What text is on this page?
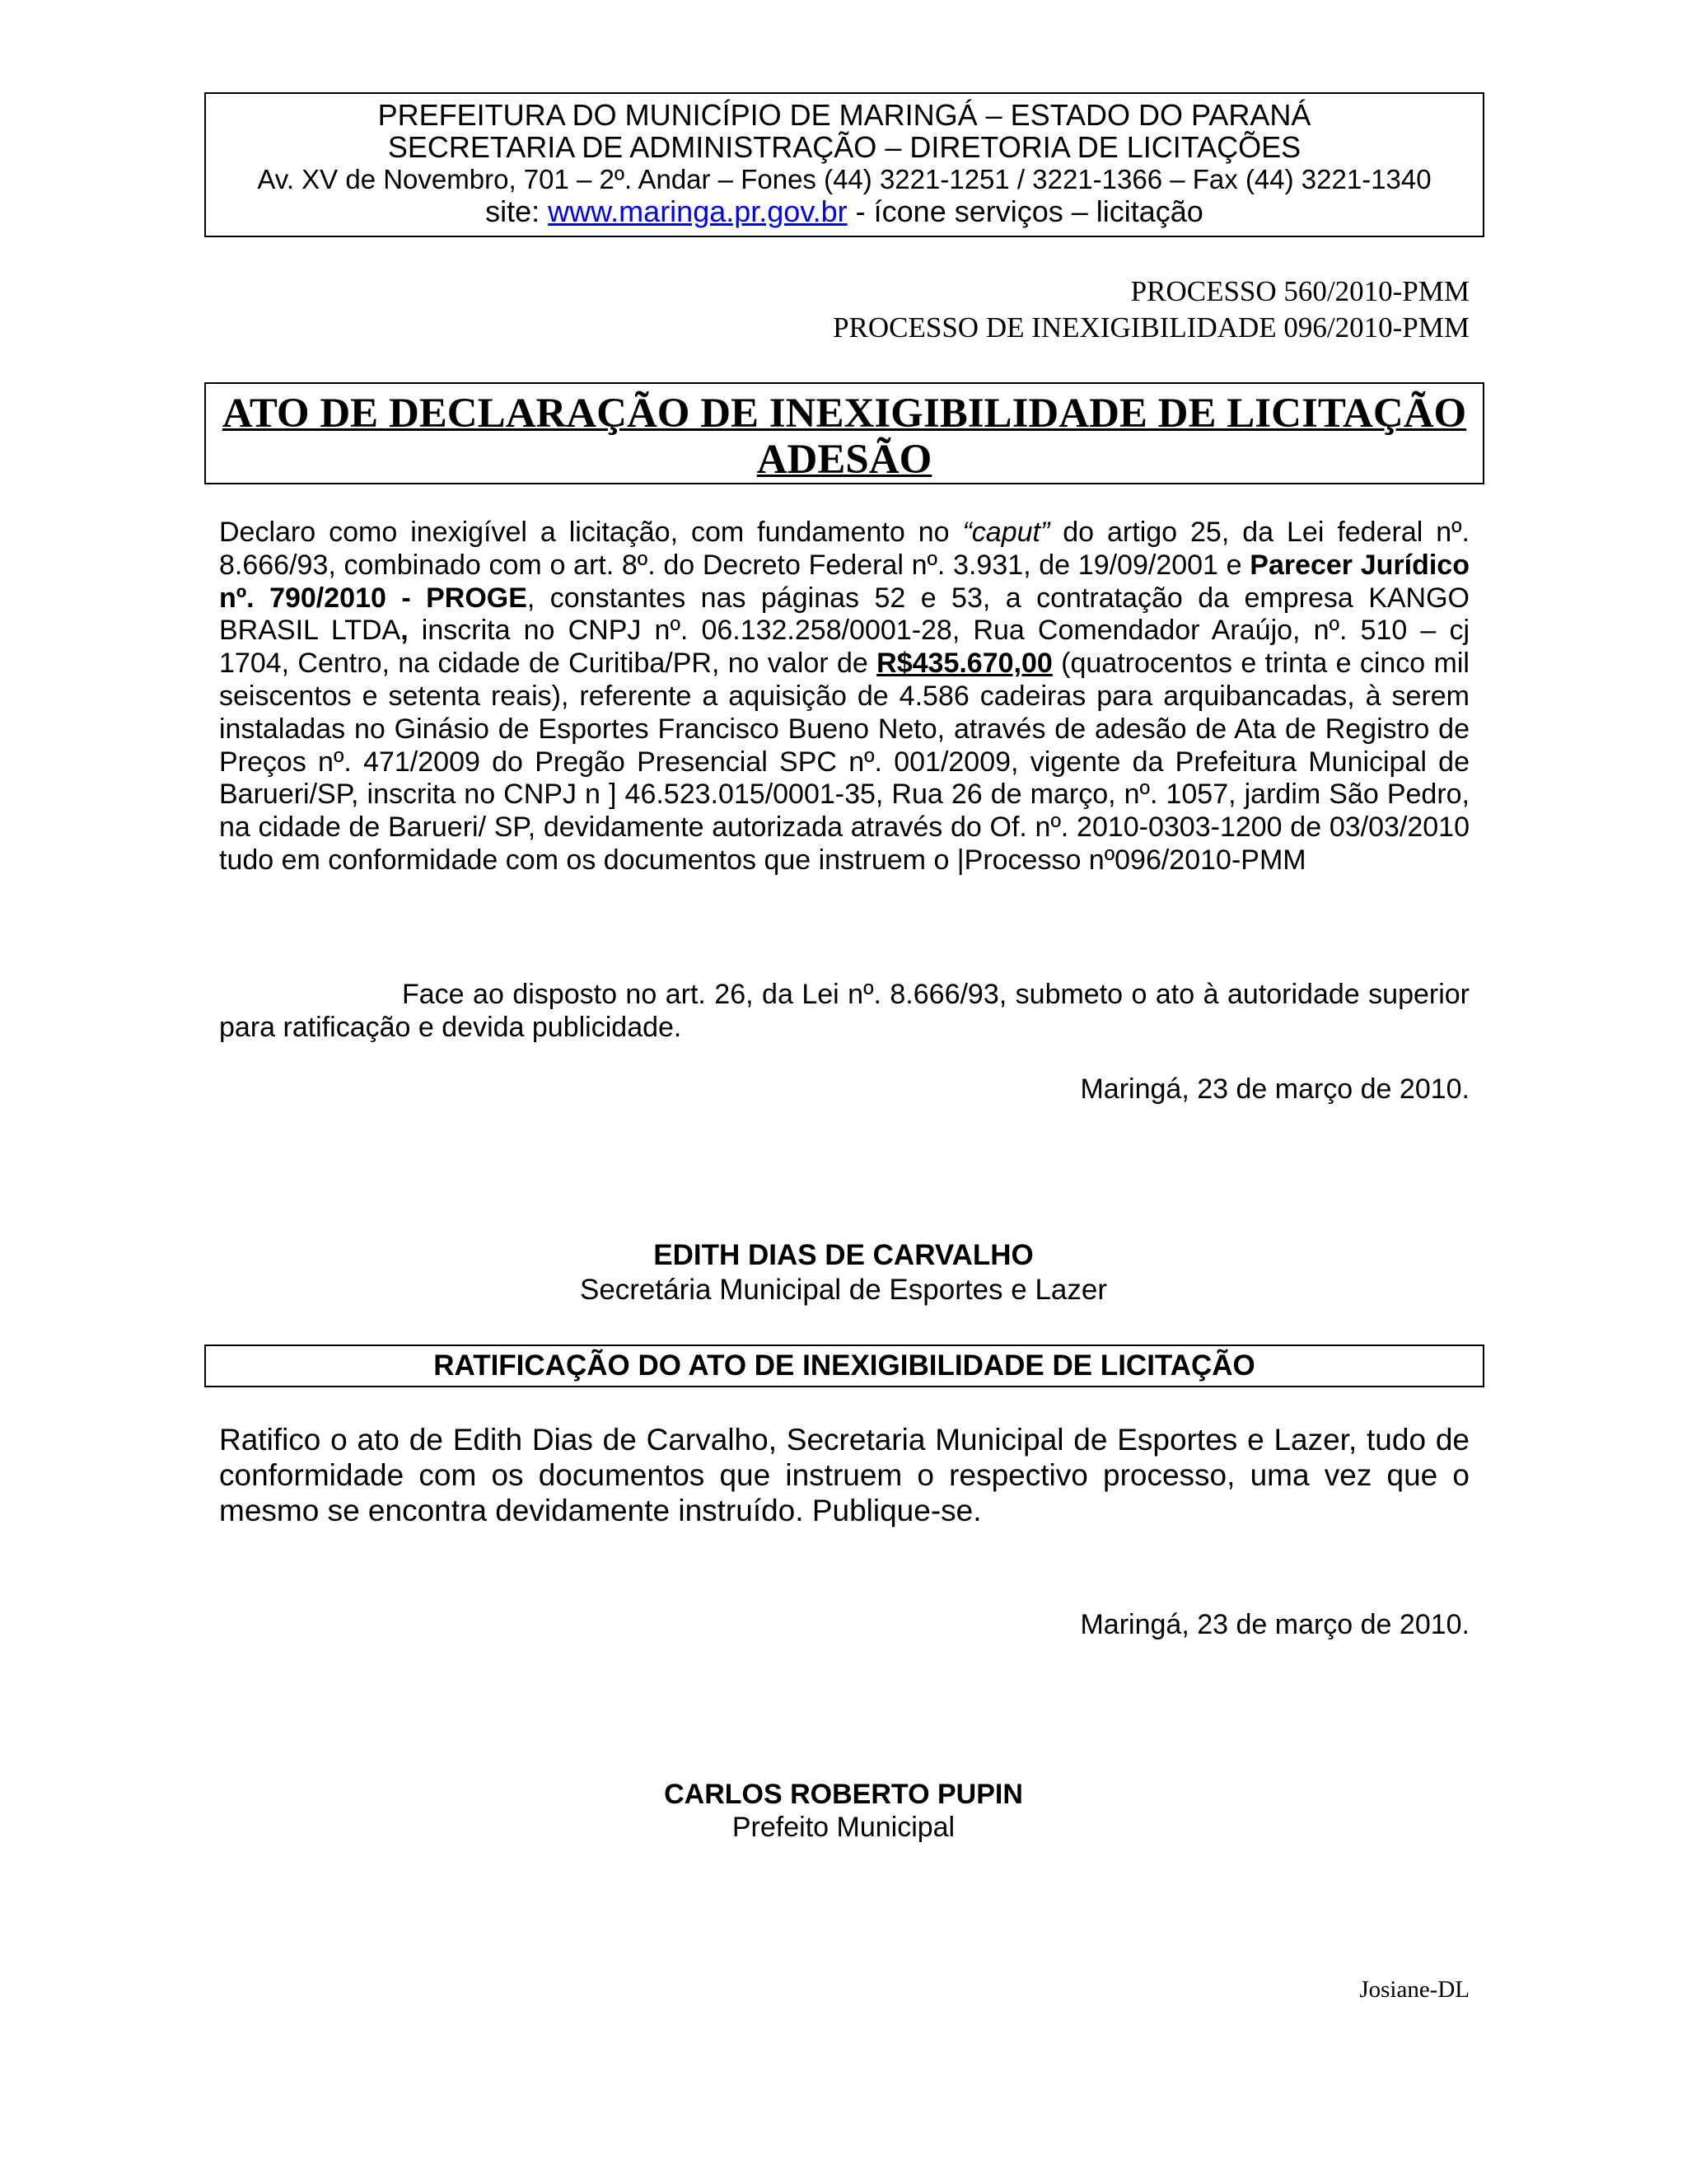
PREFEITURA DO MUNICÍPIO DE MARINGÁ – ESTADO DO PARANÁ
SECRETARIA DE ADMINISTRAÇÃO – DIRETORIA DE LICITAÇÕES
Av. XV de Novembro, 701 – 2º. Andar – Fones (44) 3221-1251 / 3221-1366 – Fax (44) 3221-1340
site: www.maringa.pr.gov.br - ícone serviços – licitação
PROCESSO 560/2010-PMM
PROCESSO DE INEXIGIBILIDADE 096/2010-PMM
ATO DE DECLARAÇÃO DE INEXIGIBILIDADE DE LICITAÇÃO
ADESÃO

Declaro como inexigível a licitação, com fundamento no “caput” do artigo 25, da Lei federal nº. 8.666/93, combinado com o art. 8º. do Decreto Federal nº. 3.931, de 19/09/2001 e Parecer Jurídico nº. 790/2010 - PROGE, constantes nas páginas 52 e 53, a contratação da empresa KANGO BRASIL LTDA, inscrita no CNPJ nº. 06.132.258/0001-28, Rua Comendador Araújo, nº. 510 – cj 1704, Centro, na cidade de Curitiba/PR, no valor de R$435.670,00 (quatrocentos e trinta e cinco mil seiscentos e setenta reais), referente a aquisição de 4.586 cadeiras para arquibancadas, à serem instaladas no Ginásio de Esportes Francisco Bueno Neto, através de adesão de Ata de Registro de Preços nº. 471/2009 do Pregão Presencial SPC nº. 001/2009, vigente da Prefeitura Municipal de Barueri/SP, inscrita no CNPJ n ] 46.523.015/0001-35, Rua 26 de março, nº. 1057, jardim São Pedro, na cidade de Barueri/ SP, devidamente autorizada através do Of. nº. 2010-0303-1200 de 03/03/2010 tudo em conformidade com os documentos que instruem o |Processo nº096/2010-PMM

Face ao disposto no art. 26, da Lei nº. 8.666/93, submeto o ato à autoridade superior para ratificação e devida publicidade.

Maringá, 23 de março de 2010.
EDITH DIAS DE CARVALHO
Secretária Municipal de Esportes e Lazer
RATIFICAÇÃO DO ATO DE INEXIGIBILIDADE DE LICITAÇÃO

Ratifico o ato de Edith Dias de Carvalho, Secretaria Municipal de Esportes e Lazer, tudo de conformidade com os documentos que instruem o respectivo processo, uma vez que o mesmo se encontra devidamente instruído. Publique-se.

Maringá, 23 de março de 2010.
CARLOS ROBERTO PUPIN
Prefeito Municipal
Josiane-DL
